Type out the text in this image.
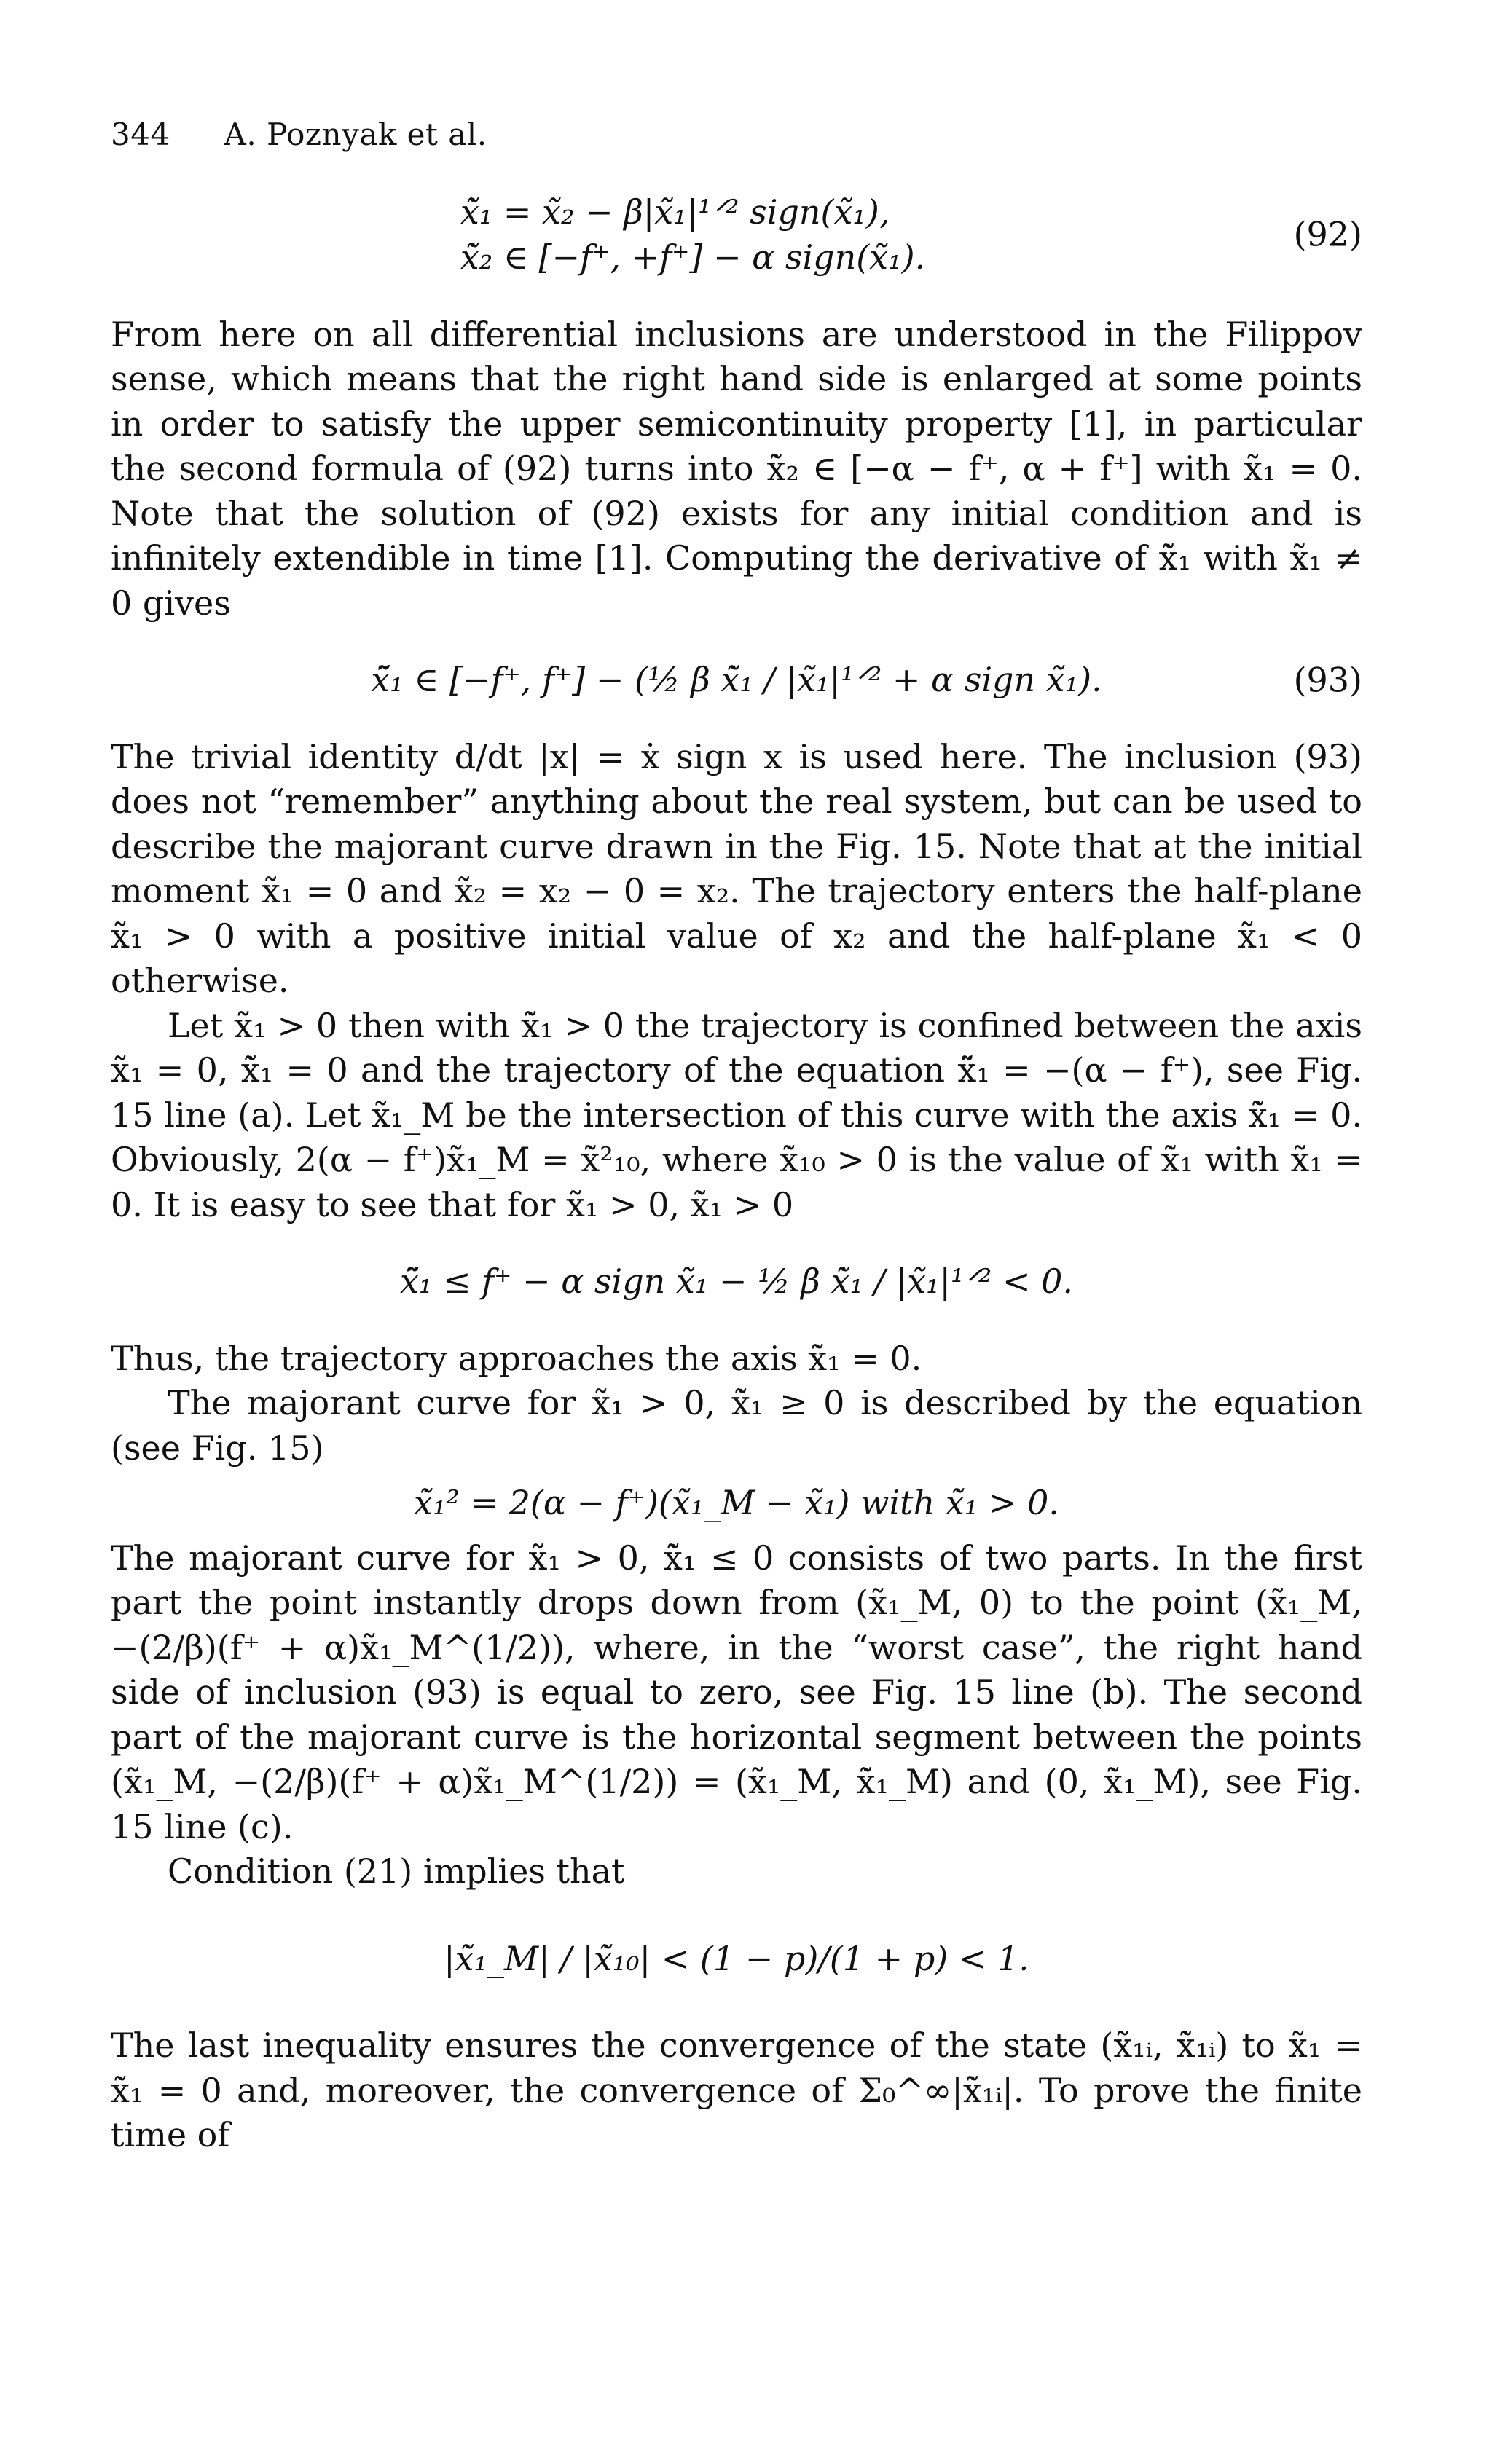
344 A. Poznyak et al.
x̃̇₁ = x̃₂ − β|x̃₁|¹ᐟ² sign(x̃₁),
x̃̇₂ ∈ [−f⁺, +f⁺] − α sign(x̃₁).
(92)

From here on all differential inclusions are understood in the Filippov sense, which means that the right hand side is enlarged at some points in order to satisfy the upper semicontinuity property [1], in particular the second formula of (92) turns into x̃̇₂ ∈ [−α − f⁺, α + f⁺] with x̃₁ = 0. Note that the solution of (92) exists for any initial condition and is infinitely extendible in time [1]. Computing the derivative of x̃̇₁ with x̃₁ ≠ 0 gives

x̃̈₁ ∈ [−f⁺, f⁺] − (½ β x̃̇₁ / |x̃₁|¹ᐟ² + α sign x̃₁).	(93)

The trivial identity d/dt |x| = ẋ sign x is used here. The inclusion (93) does not “remember” anything about the real system, but can be used to describe the majorant curve drawn in the Fig. 15. Note that at the initial moment x̃₁ = 0 and x̃₂ = x₂ − 0 = x₂. The trajectory enters the half-plane x̃₁ > 0 with a positive initial value of x₂ and the half-plane x̃₁ < 0 otherwise.

Let x̃₁ > 0 then with x̃̇₁ > 0 the trajectory is confined between the axis x̃₁ = 0, x̃̇₁ = 0 and the trajectory of the equation x̃̈₁ = −(α − f⁺), see Fig. 15 line (a). Let x̃₁_M be the intersection of this curve with the axis x̃̇₁ = 0. Obviously, 2(α − f⁺)x̃₁_M = x̃̇²₁₀, where x̃̇₁₀ > 0 is the value of x̃̇₁ with x̃₁ = 0. It is easy to see that for x̃₁ > 0, x̃̇₁ > 0

x̃̈₁ ≤ f⁺ − α sign x̃₁ − ½ β x̃̇₁ / |x̃₁|¹ᐟ² < 0.

Thus, the trajectory approaches the axis x̃̇₁ = 0.

The majorant curve for x̃₁ > 0, x̃̇₁ ≥ 0 is described by the equation (see Fig. 15)

x̃̇₁² = 2(α − f⁺)(x̃₁_M − x̃₁) with x̃̇₁ > 0.

The majorant curve for x̃₁ > 0, x̃̇₁ ≤ 0 consists of two parts. In the first part the point instantly drops down from (x̃₁_M, 0) to the point (x̃₁_M, −(2/β)(f⁺ + α)x̃₁_M^(1/2)), where, in the “worst case”, the right hand side of inclusion (93) is equal to zero, see Fig. 15 line (b). The second part of the majorant curve is the horizontal segment between the points (x̃₁_M, −(2/β)(f⁺ + α)x̃₁_M^(1/2)) = (x̃₁_M, x̃̇₁_M) and (0, x̃̇₁_M), see Fig. 15 line (c).

Condition (21) implies that

|x̃̇₁_M| / |x̃̇₁₀| < (1 − p)/(1 + p) < 1.

The last inequality ensures the convergence of the state (x̃₁ᵢ, x̃̇₁ᵢ) to x̃₁ = x̃̇₁ = 0 and, moreover, the convergence of Σ₀^∞|x̃̇₁ᵢ|. To prove the finite time of
